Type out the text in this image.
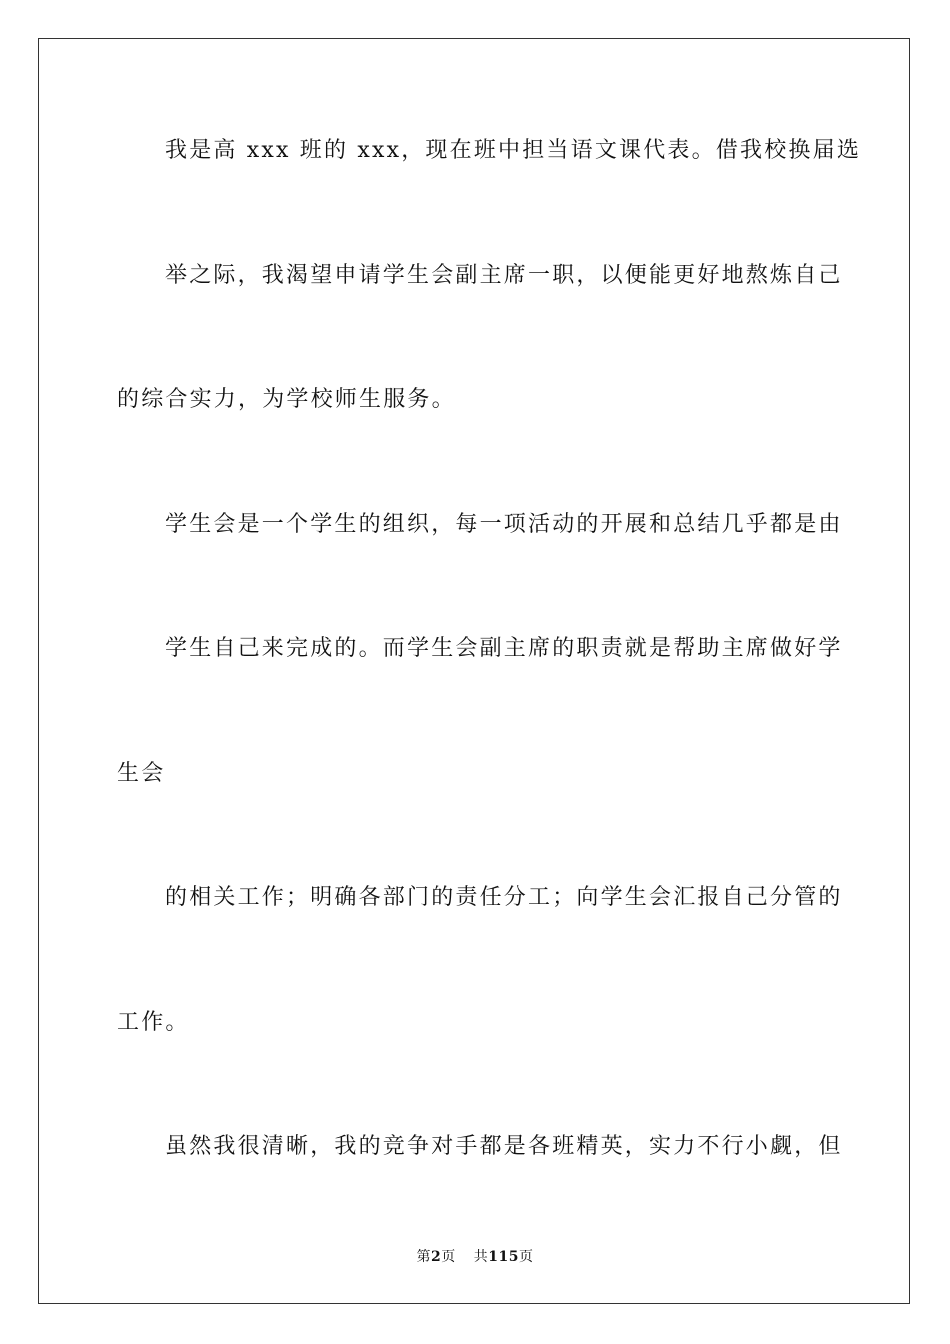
我是高 xxx 班的 xxx，现在班中担当语文课代表。借我校换届选
举之际，我渴望申请学生会副主席一职，以便能更好地熬炼自己
的综合实力，为学校师生服务。
学生会是一个学生的组织，每一项活动的开展和总结几乎都是由
学生自己来完成的。而学生会副主席的职责就是帮助主席做好学
生会
的相关工作；明确各部门的责任分工；向学生会汇报自己分管的
工作。
虽然我很清晰，我的竞争对手都是各班精英，实力不行小觑，但
第2页 共115页
